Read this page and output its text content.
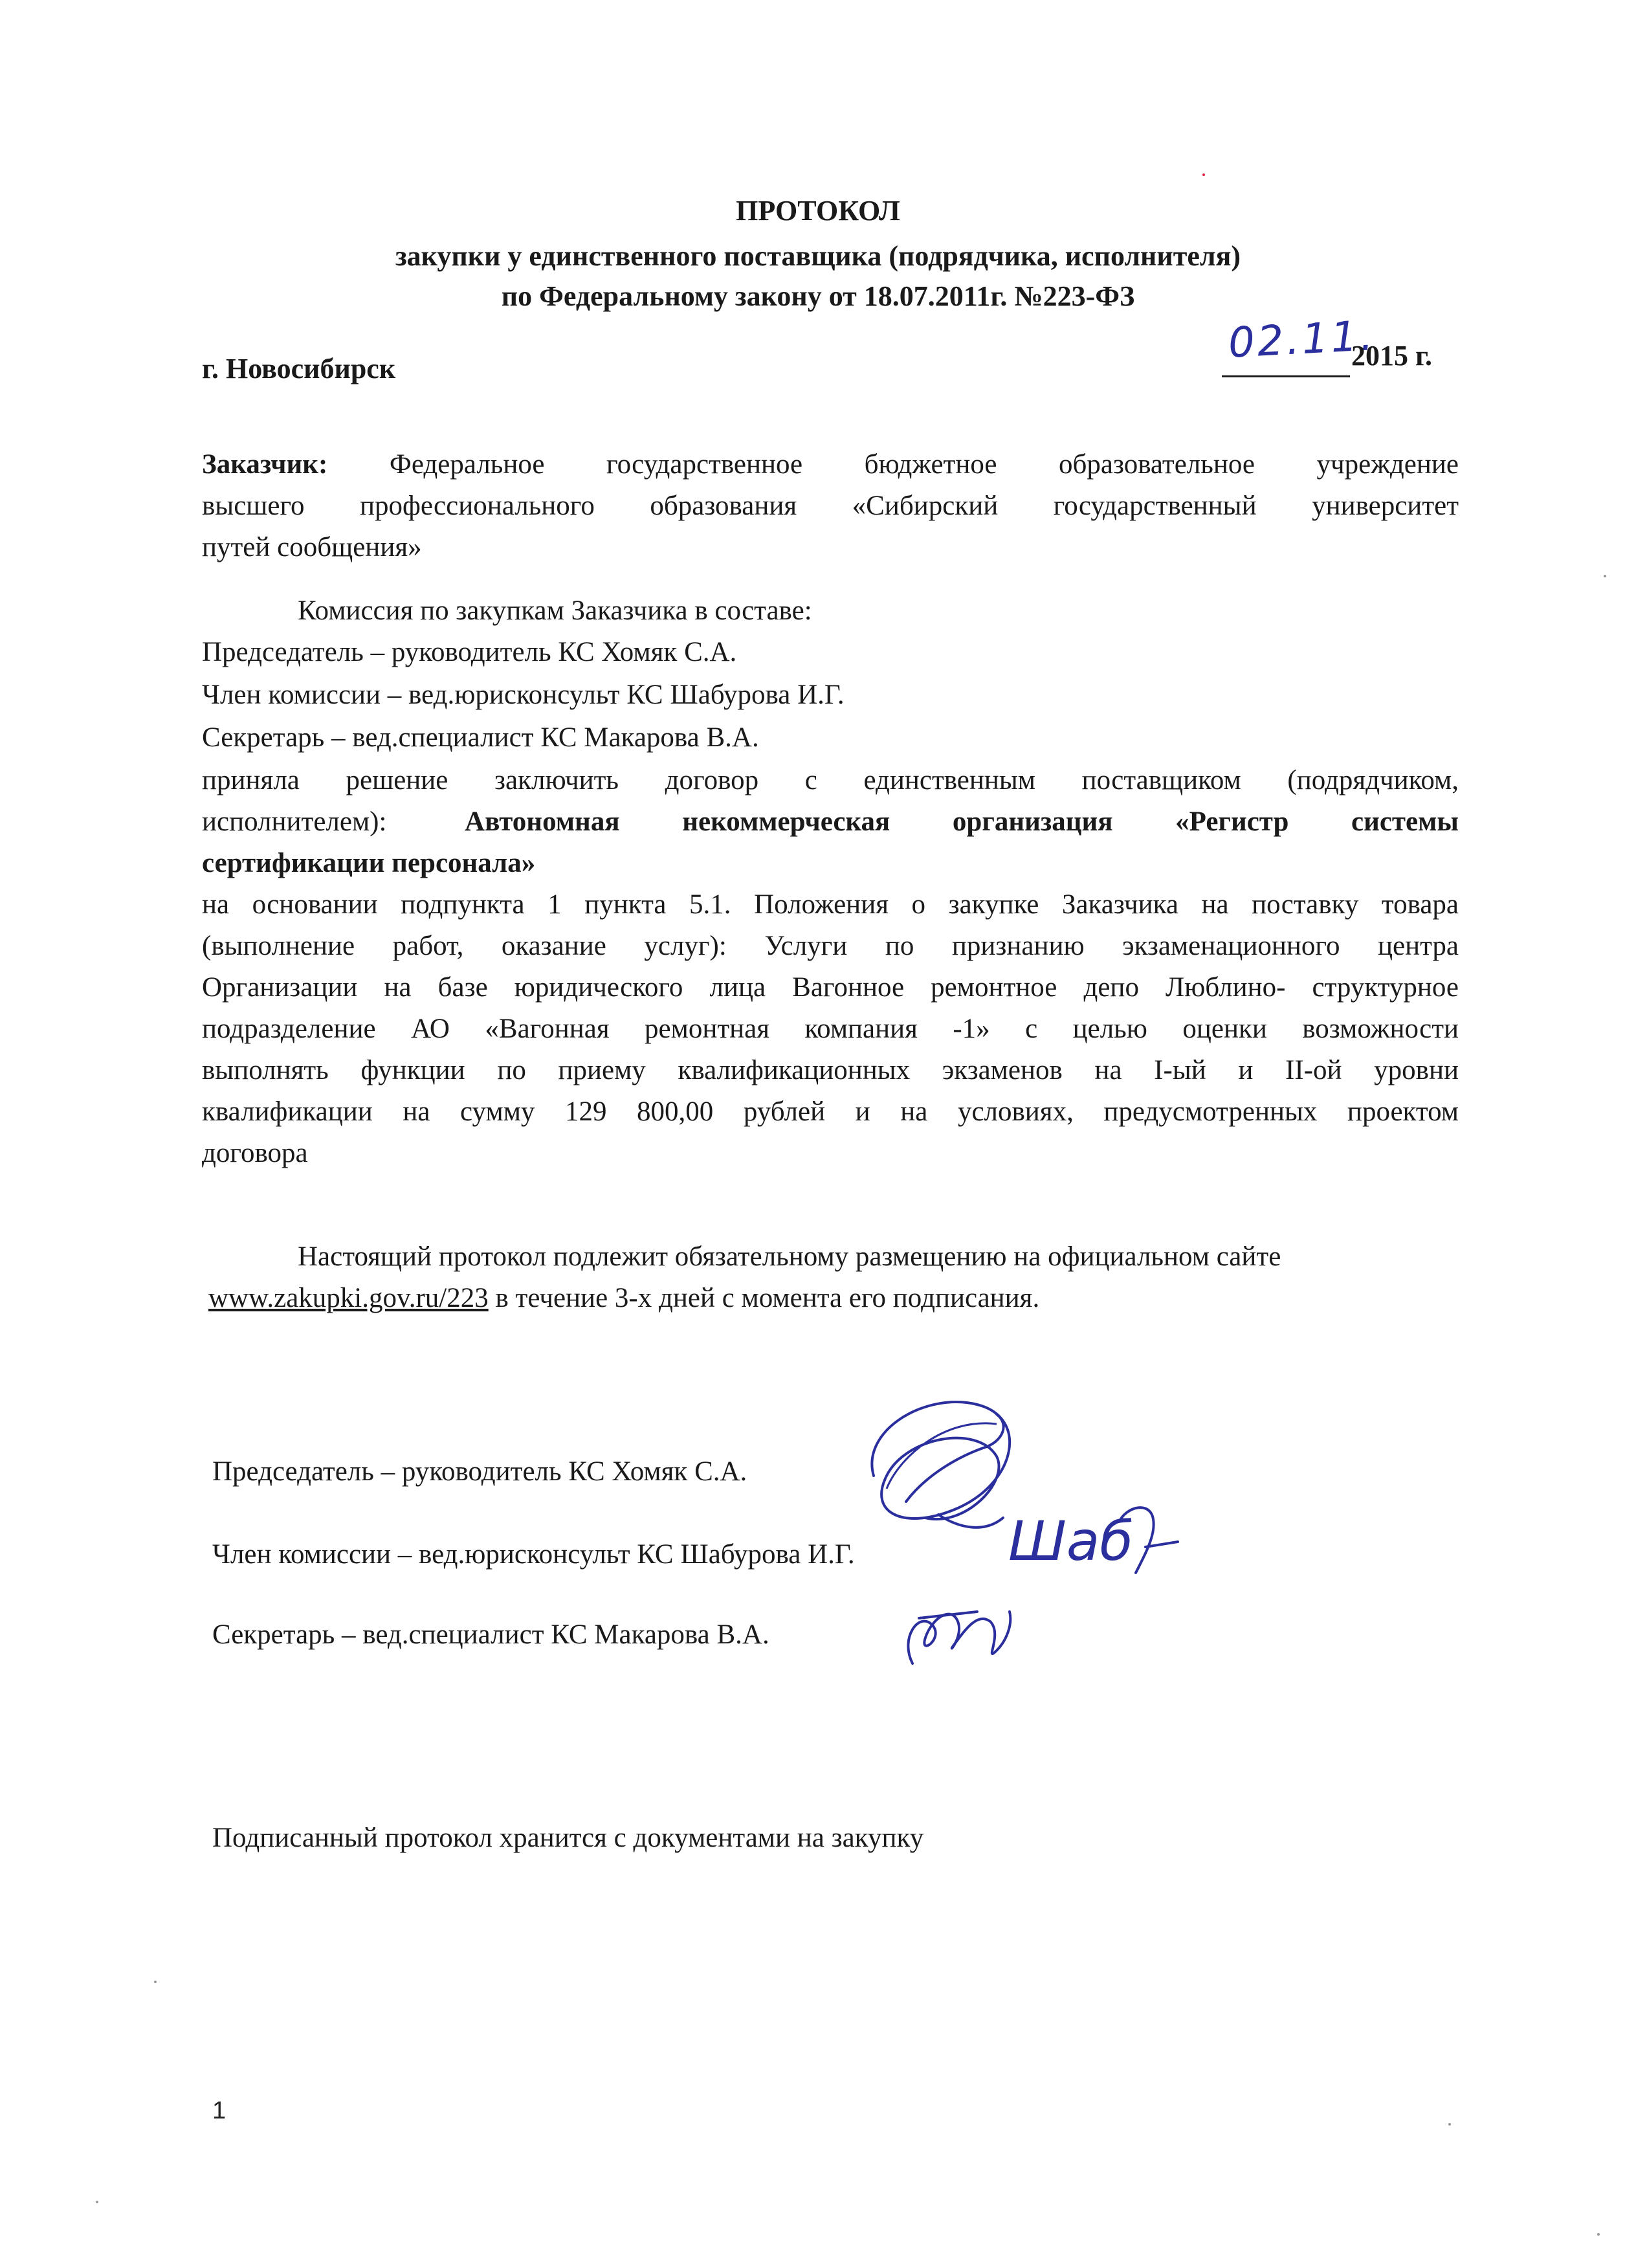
ПРОТОКОЛ
закупки у единственного поставщика (подрядчика, исполнителя)
по Федеральному закону от 18.07.2011г. №223-ФЗ
г. Новосибирск
02.11.
2015 г.
Заказчик: Федеральное государственное бюджетное образовательное учреждение
высшего профессионального образования «Сибирский государственный университет
путей сообщения»
Комиссия по закупкам Заказчика в составе:
Председатель – руководитель КС Хомяк С.А.
Член комиссии – вед.юрисконсульт КС Шабурова И.Г.
Секретарь – вед.специалист КС Макарова В.А.
приняла решение заключить договор с единственным поставщиком (подрядчиком,
исполнителем):	Автономная некоммерческая организация «Регистр системы
сертификации персонала»
на основании подпункта 1 пункта 5.1. Положения о закупке Заказчика на поставку товара
(выполнение работ, оказание услуг): Услуги по признанию экзаменационного центра
Организации на базе юридического лица Вагонное ремонтное депо Люблино- структурное
подразделение АО «Вагонная ремонтная компания -1» с целью оценки возможности
выполнять функции по приему квалификационных экзаменов на I-ый и II-ой уровни
квалификации на сумму 129 800,00 рублей и на условиях, предусмотренных проектом
договора
Настоящий протокол подлежит обязательному размещению на официальном сайте
www.zakupki.gov.ru/223 в течение 3-х дней с момента его подписания.
Председатель – руководитель КС Хомяк С.А.
Член комиссии – вед.юрисконсульт КС Шабурова И.Г.
Секретарь – вед.специалист КС Макарова В.А.
Шаб
Подписанный протокол хранится с документами на закупку
1
